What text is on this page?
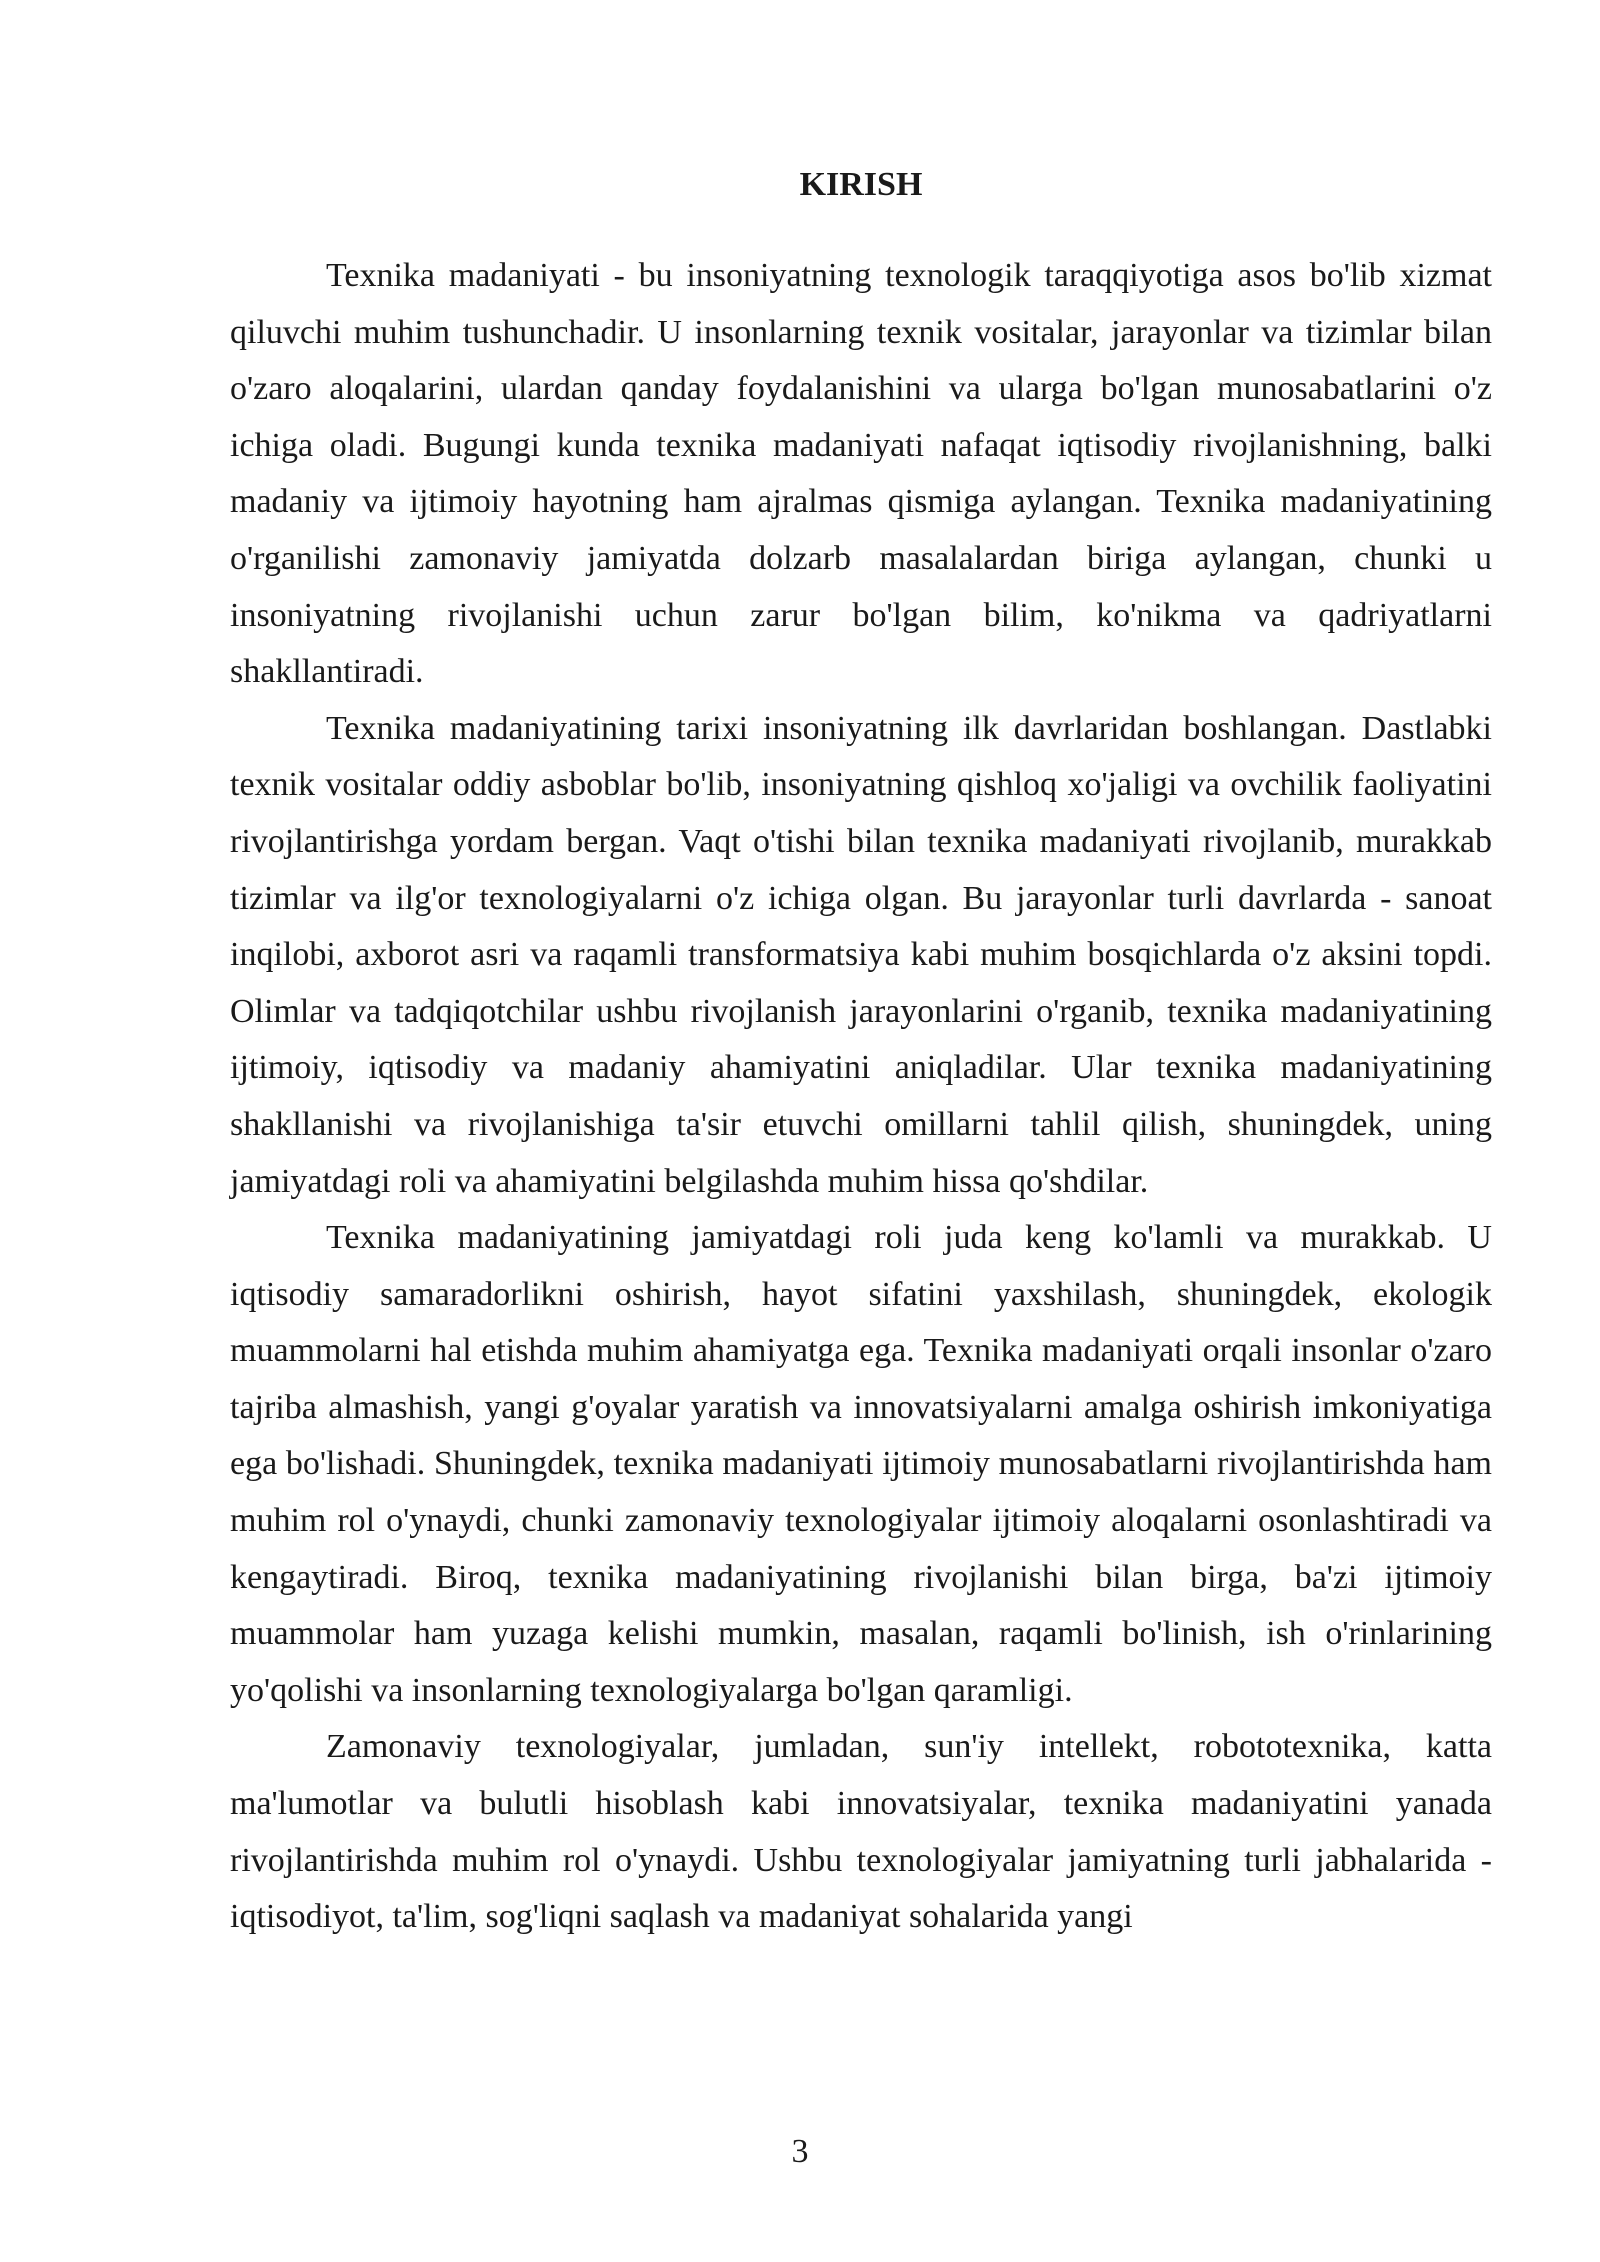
KIRISH

Texnika madaniyati - bu insoniyatning texnologik taraqqiyotiga asos bo'lib xizmat qiluvchi muhim tushunchadir. U insonlarning texnik vositalar, jarayonlar va tizimlar bilan o'zaro aloqalarini, ulardan qanday foydalanishini va ularga bo'lgan munosabatlarini o'z ichiga oladi. Bugungi kunda texnika madaniyati nafaqat iqtisodiy rivojlanishning, balki madaniy va ijtimoiy hayotning ham ajralmas qismiga aylangan. Texnika madaniyatining o'rganilishi zamonaviy jamiyatda dolzarb masalalardan biriga aylangan, chunki u insoniyatning rivojlanishi uchun zarur bo'lgan bilim, ko'nikma va qadriyatlarni shakllantiradi.

Texnika madaniyatining tarixi insoniyatning ilk davrlaridan boshlangan. Dastlabki texnik vositalar oddiy asboblar bo'lib, insoniyatning qishloq xo'jaligi va ovchilik faoliyatini rivojlantirishga yordam bergan. Vaqt o'tishi bilan texnika madaniyati rivojlanib, murakkab tizimlar va ilg'or texnologiyalarni o'z ichiga olgan. Bu jarayonlar turli davrlarda - sanoat inqilobi, axborot asri va raqamli transformatsiya kabi muhim bosqichlarda o'z aksini topdi. Olimlar va tadqiqotchilar ushbu rivojlanish jarayonlarini o'rganib, texnika madaniyatining ijtimoiy, iqtisodiy va madaniy ahamiyatini aniqladilar. Ular texnika madaniyatining shakllanishi va rivojlanishiga ta'sir etuvchi omillarni tahlil qilish, shuningdek, uning jamiyatdagi roli va ahamiyatini belgilashda muhim hissa qo'shdilar.

Texnika madaniyatining jamiyatdagi roli juda keng ko'lamli va murakkab. U iqtisodiy samaradorlikni oshirish, hayot sifatini yaxshilash, shuningdek, ekologik muammolarni hal etishda muhim ahamiyatga ega. Texnika madaniyati orqali insonlar o'zaro tajriba almashish, yangi g'oyalar yaratish va innovatsiyalarni amalga oshirish imkoniyatiga ega bo'lishadi. Shuningdek, texnika madaniyati ijtimoiy munosabatlarni rivojlantirishda ham muhim rol o'ynaydi, chunki zamonaviy texnologiyalar ijtimoiy aloqalarni osonlashtiradi va kengaytiradi. Biroq, texnika madaniyatining rivojlanishi bilan birga, ba'zi ijtimoiy muammolar ham yuzaga kelishi mumkin, masalan, raqamli bo'linish, ish o'rinlarining yo'qolishi va insonlarning texnologiyalarga bo'lgan qaramligi.

Zamonaviy texnologiyalar, jumladan, sun'iy intellekt, robototexnika, katta ma'lumotlar va bulutli hisoblash kabi innovatsiyalar, texnika madaniyatini yanada rivojlantirishda muhim rol o'ynaydi. Ushbu texnologiyalar jamiyatning turli jabhalarida - iqtisodiyot, ta'lim, sog'liqni saqlash va madaniyat sohalarida yangi

3
